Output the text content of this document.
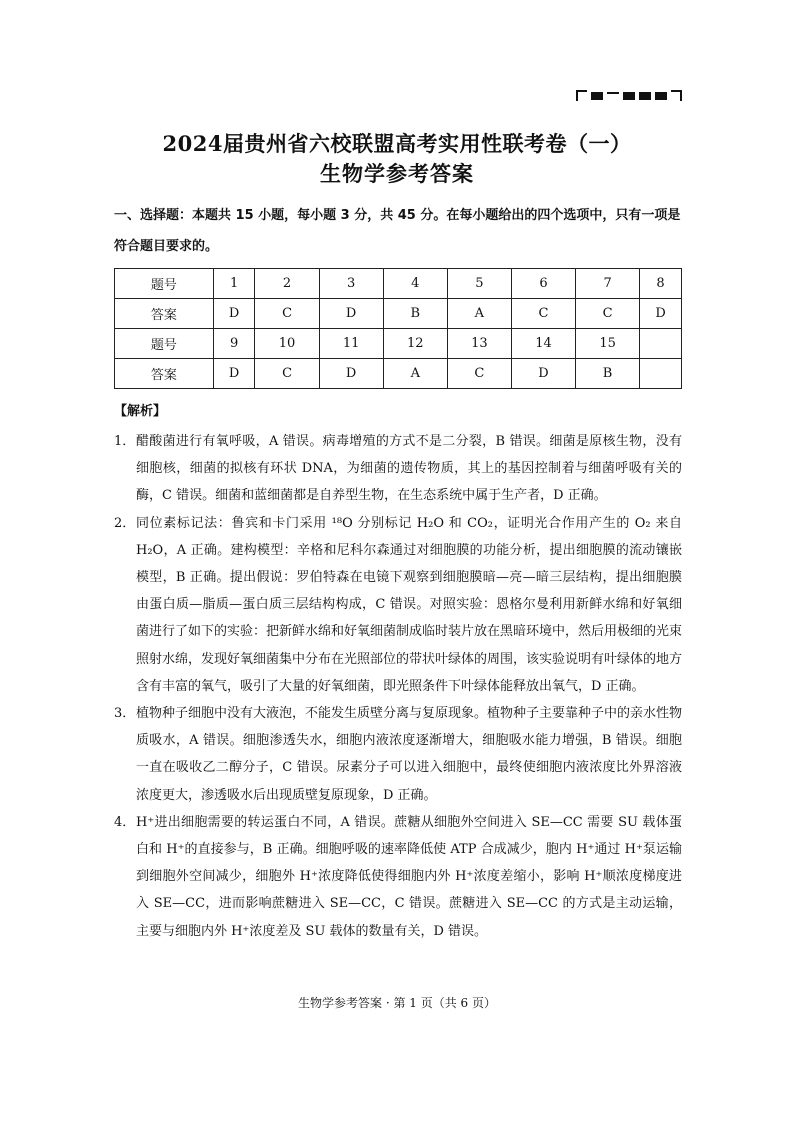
2024届贵州省六校联盟高考实用性联考卷（一）
生物学参考答案
一、选择题：本题共 15 小题，每小题 3 分，共 45 分。在每小题给出的四个选项中，只有一项是符合题目要求的。
题号	1	2	3	4	5	6	7	8
答案	D	C	D	B	A	C	C	D
题号	9	10	11	12	13	14	15	
答案	D	C	D	A	C	D	B	
【解析】
1． 醋酸菌进行有氧呼吸，A 错误。病毒增殖的方式不是二分裂，B 错误。细菌是原核生物，没有细胞核，细菌的拟核有环状 DNA，为细菌的遗传物质，其上的基因控制着与细菌呼吸有关的酶，C 错误。细菌和蓝细菌都是自养型生物，在生态系统中属于生产者，D 正确。
2． 同位素标记法：鲁宾和卡门采用 ¹⁸O 分别标记 H₂O 和 CO₂，证明光合作用产生的 O₂ 来自 H₂O，A 正确。建构模型：辛格和尼科尔森通过对细胞膜的功能分析，提出细胞膜的流动镶嵌模型，B 正确。提出假说：罗伯特森在电镜下观察到细胞膜暗—亮—暗三层结构，提出细胞膜由蛋白质—脂质—蛋白质三层结构构成，C 错误。对照实验：恩格尔曼利用新鲜水绵和好氧细菌进行了如下的实验：把新鲜水绵和好氧细菌制成临时装片放在黑暗环境中，然后用极细的光束照射水绵，发现好氧细菌集中分布在光照部位的带状叶绿体的周围，该实验说明有叶绿体的地方含有丰富的氧气，吸引了大量的好氧细菌，即光照条件下叶绿体能释放出氧气，D 正确。
3． 植物种子细胞中没有大液泡，不能发生质壁分离与复原现象。植物种子主要靠种子中的亲水性物质吸水，A 错误。细胞渗透失水，细胞内液浓度逐渐增大，细胞吸水能力增强，B 错误。细胞一直在吸收乙二醇分子，C 错误。尿素分子可以进入细胞中，最终使细胞内液浓度比外界溶液浓度更大，渗透吸水后出现质壁复原现象，D 正确。
4． H⁺进出细胞需要的转运蛋白不同，A 错误。蔗糖从细胞外空间进入 SE—CC 需要 SU 载体蛋白和 H⁺的直接参与，B 正确。细胞呼吸的速率降低使 ATP 合成减少，胞内 H⁺通过 H⁺泵运输到细胞外空间减少，细胞外 H⁺浓度降低使得细胞内外 H⁺浓度差缩小，影响 H⁺顺浓度梯度进入 SE—CC，进而影响蔗糖进入 SE—CC，C 错误。蔗糖进入 SE—CC 的方式是主动运输，主要与细胞内外 H⁺浓度差及 SU 载体的数量有关，D 错误。
生物学参考答案 · 第 1 页（共 6 页）
